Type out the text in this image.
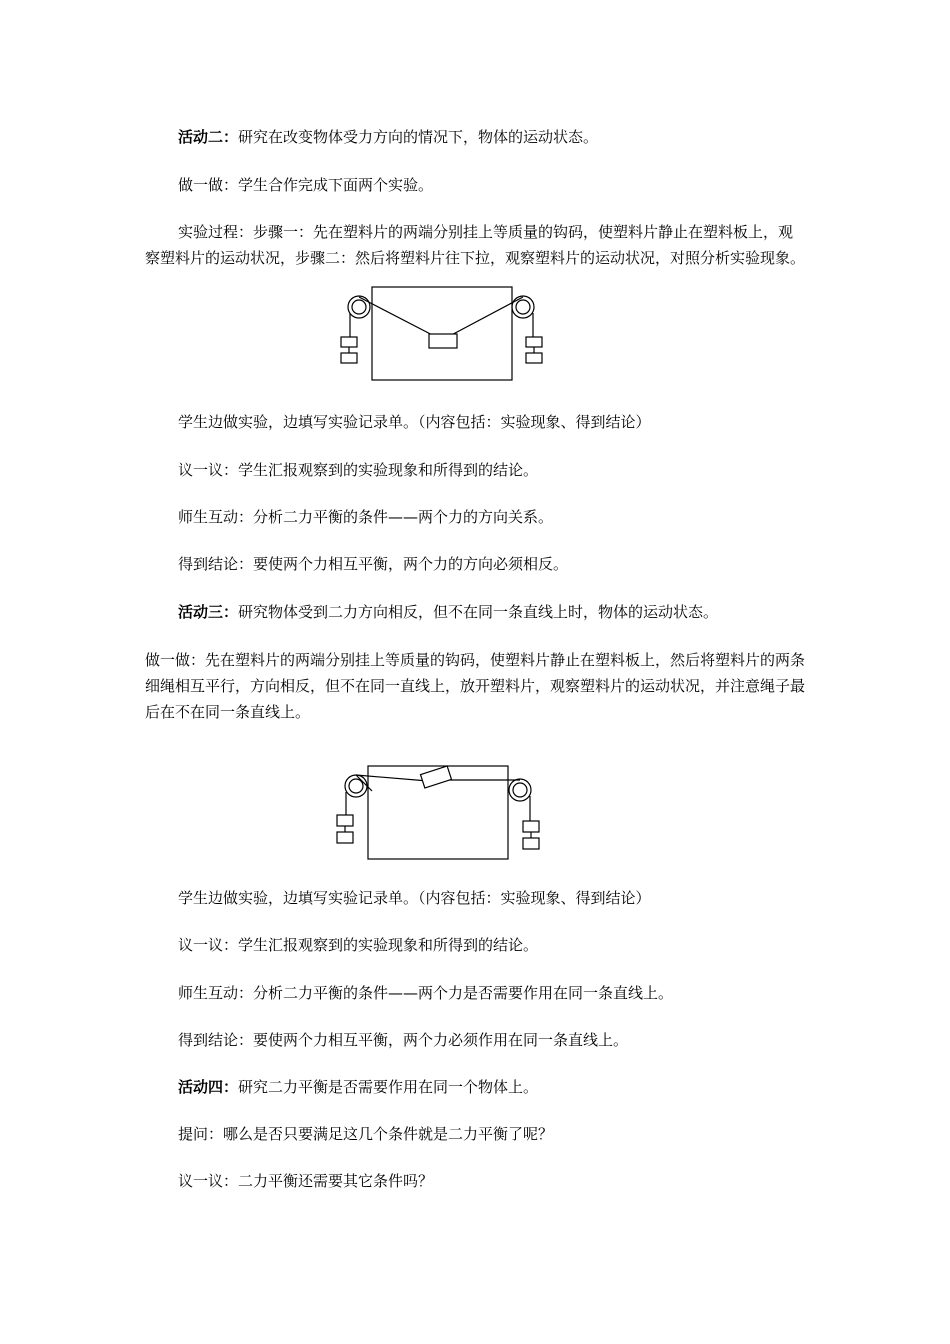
活动二：研究在改变物体受力方向的情况下，物体的运动状态。
做一做：学生合作完成下面两个实验。
实验过程：步骤一：先在塑料片的两端分别挂上等质量的钩码，使塑料片静止在塑料板上，观察塑料片的运动状况，步骤二：然后将塑料片往下拉，观察塑料片的运动状况，对照分析实验现象。
学生边做实验，边填写实验记录单。（内容包括：实验现象、得到结论）
议一议：学生汇报观察到的实验现象和所得到的结论。
师生互动：分析二力平衡的条件——两个力的方向关系。
得到结论：要使两个力相互平衡，两个力的方向必须相反。
活动三：研究物体受到二力方向相反，但不在同一条直线上时，物体的运动状态。
做一做：先在塑料片的两端分别挂上等质量的钩码，使塑料片静止在塑料板上，然后将塑料片的两条细绳相互平行，方向相反，但不在同一直线上，放开塑料片，观察塑料片的运动状况，并注意绳子最后在不在同一条直线上。
学生边做实验，边填写实验记录单。（内容包括：实验现象、得到结论）
议一议：学生汇报观察到的实验现象和所得到的结论。
师生互动：分析二力平衡的条件——两个力是否需要作用在同一条直线上。
得到结论：要使两个力相互平衡，两个力必须作用在同一条直线上。
活动四：研究二力平衡是否需要作用在同一个物体上。
提问：哪么是否只要满足这几个条件就是二力平衡了呢？
议一议：二力平衡还需要其它条件吗？
